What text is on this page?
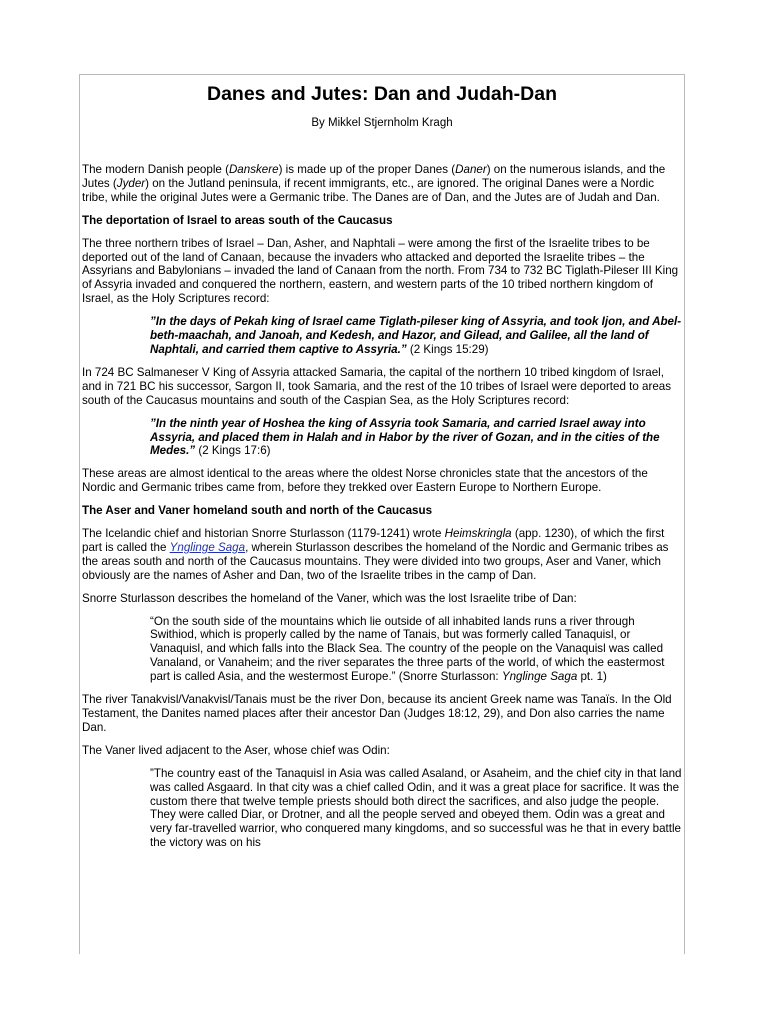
Danes and Jutes: Dan and Judah-Dan
By Mikkel Stjernholm Kragh

The modern Danish people (Danskere) is made up of the proper Danes (Daner) on the numerous islands, and the Jutes (Jyder) on the Jutland peninsula, if recent immigrants, etc., are ignored. The original Danes were a Nordic tribe, while the original Jutes were a Germanic tribe. The Danes are of Dan, and the Jutes are of Judah and Dan.

The deportation of Israel to areas south of the Caucasus

The three northern tribes of Israel – Dan, Asher, and Naphtali – were among the first of the Israelite tribes to be deported out of the land of Canaan, because the invaders who attacked and deported the Israelite tribes – the Assyrians and Babylonians – invaded the land of Canaan from the north. From 734 to 732 BC Tiglath-Pileser III King of Assyria invaded and conquered the northern, eastern, and western parts of the 10 tribed northern kingdom of Israel, as the Holy Scriptures record:

”In the days of Pekah king of Israel came Tiglath-pileser king of Assyria, and took Ijon, and Abel-beth-maachah, and Janoah, and Kedesh, and Hazor, and Gilead, and Galilee, all the land of Naphtali, and carried them captive to Assyria.” (2 Kings 15:29)

In 724 BC Salmaneser V King of Assyria attacked Samaria, the capital of the northern 10 tribed kingdom of Israel, and in 721 BC his successor, Sargon II, took Samaria, and the rest of the 10 tribes of Israel were deported to areas south of the Caucasus mountains and south of the Caspian Sea, as the Holy Scriptures record:

”In the ninth year of Hoshea the king of Assyria took Samaria, and carried Israel away into Assyria, and placed them in Halah and in Habor by the river of Gozan, and in the cities of the Medes.” (2 Kings 17:6)

These areas are almost identical to the areas where the oldest Norse chronicles state that the ancestors of the Nordic and Germanic tribes came from, before they trekked over Eastern Europe to Northern Europe.

The Aser and Vaner homeland south and north of the Caucasus

The Icelandic chief and historian Snorre Sturlasson (1179-1241) wrote Heimskringla (app. 1230), of which the first part is called the Ynglinge Saga, wherein Sturlasson describes the homeland of the Nordic and Germanic tribes as the areas south and north of the Caucasus mountains. They were divided into two groups, Aser and Vaner, which obviously are the names of Asher and Dan, two of the Israelite tribes in the camp of Dan.

Snorre Sturlasson describes the homeland of the Vaner, which was the lost Israelite tribe of Dan:

“On the south side of the mountains which lie outside of all inhabited lands runs a river through Swithiod, which is properly called by the name of Tanais, but was formerly called Tanaquisl, or Vanaquisl, and which falls into the Black Sea. The country of the people on the Vanaquisl was called Vanaland, or Vanaheim; and the river separates the three parts of the world, of which the eastermost part is called Asia, and the westermost Europe.” (Snorre Sturlasson: Ynglinge Saga pt. 1)

The river Tanakvisl/Vanakvisl/Tanais must be the river Don, because its ancient Greek name was Tanaïs. In the Old Testament, the Danites named places after their ancestor Dan (Judges 18:12, 29), and Don also carries the name Dan.

The Vaner lived adjacent to the Aser, whose chief was Odin:

”The country east of the Tanaquisl in Asia was called Asaland, or Asaheim, and the chief city in that land was called Asgaard. In that city was a chief called Odin, and it was a great place for sacrifice. It was the custom there that twelve temple priests should both direct the sacrifices, and also judge the people. They were called Diar, or Drotner, and all the people served and obeyed them. Odin was a great and very far-travelled warrior, who conquered many kingdoms, and so successful was he that in every battle the victory was on his
